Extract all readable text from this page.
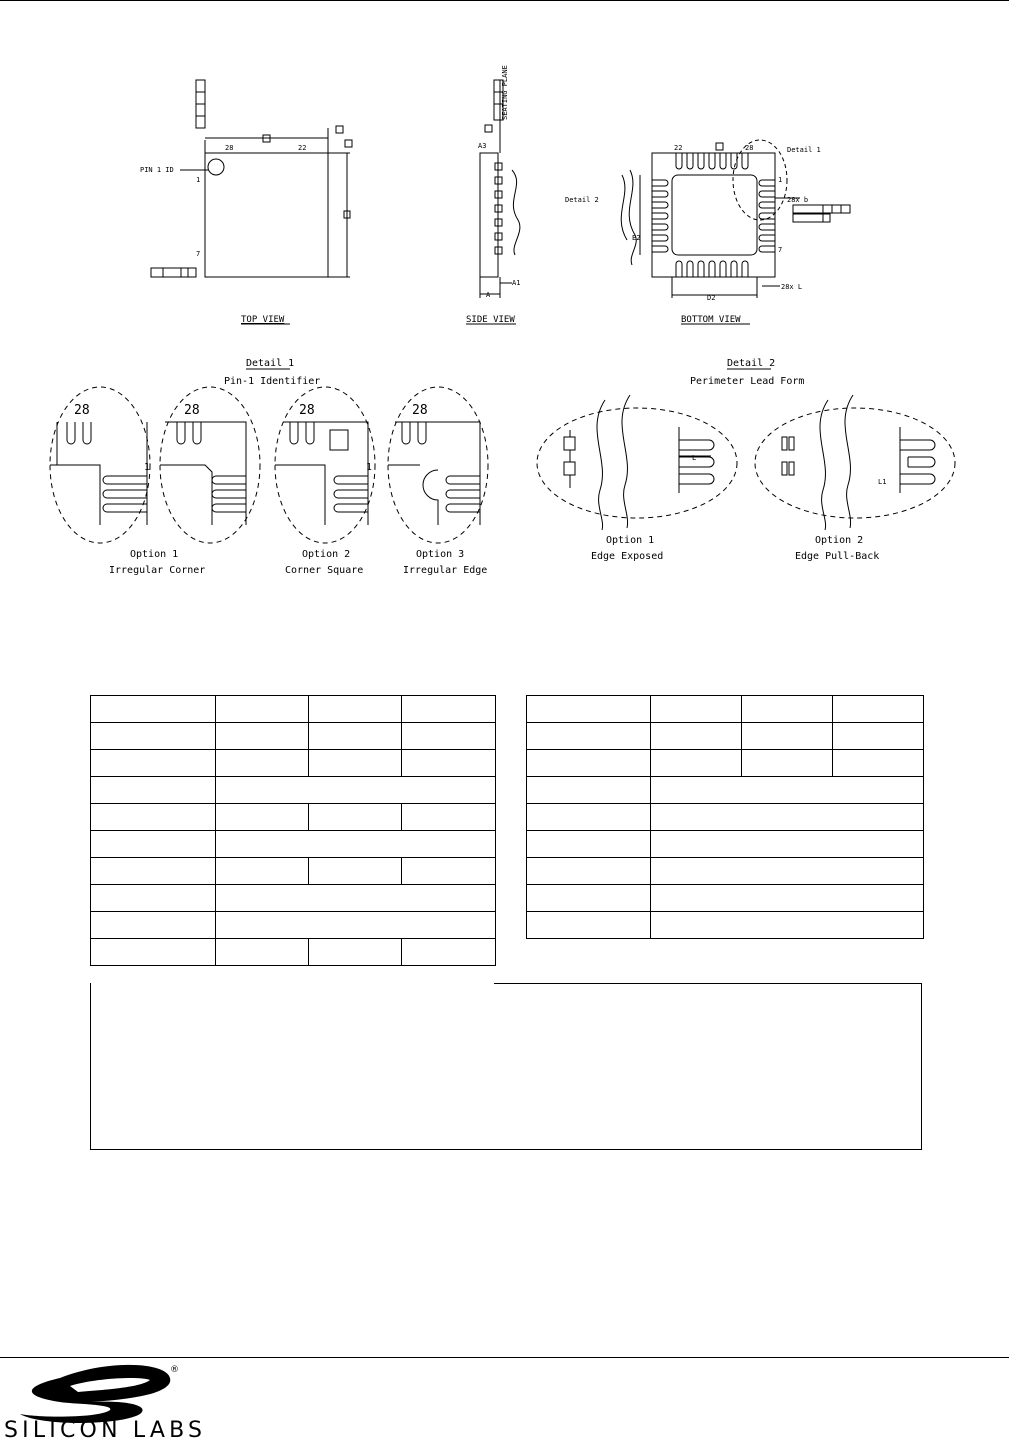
28	22
1
7
PIN 1 ID
TOP VIEW
A3
A1
A
SEATING PLANE
SIDE VIEW
22	28
1
7
Detail 1
Detail 2	28x b
28x L
D2
E2
BOTTOM VIEW
Detail 1
Pin-1 Identifier
28
1
Option 1
Irregular Corner
28	28
1
Option 2
Corner Square
28
Option 3
Irregular Edge
Detail 2
Perimeter Lead Form
L
Option 1
Edge Exposed
L1
Option 2
Edge Pull-Back

®
SILICON LABS
